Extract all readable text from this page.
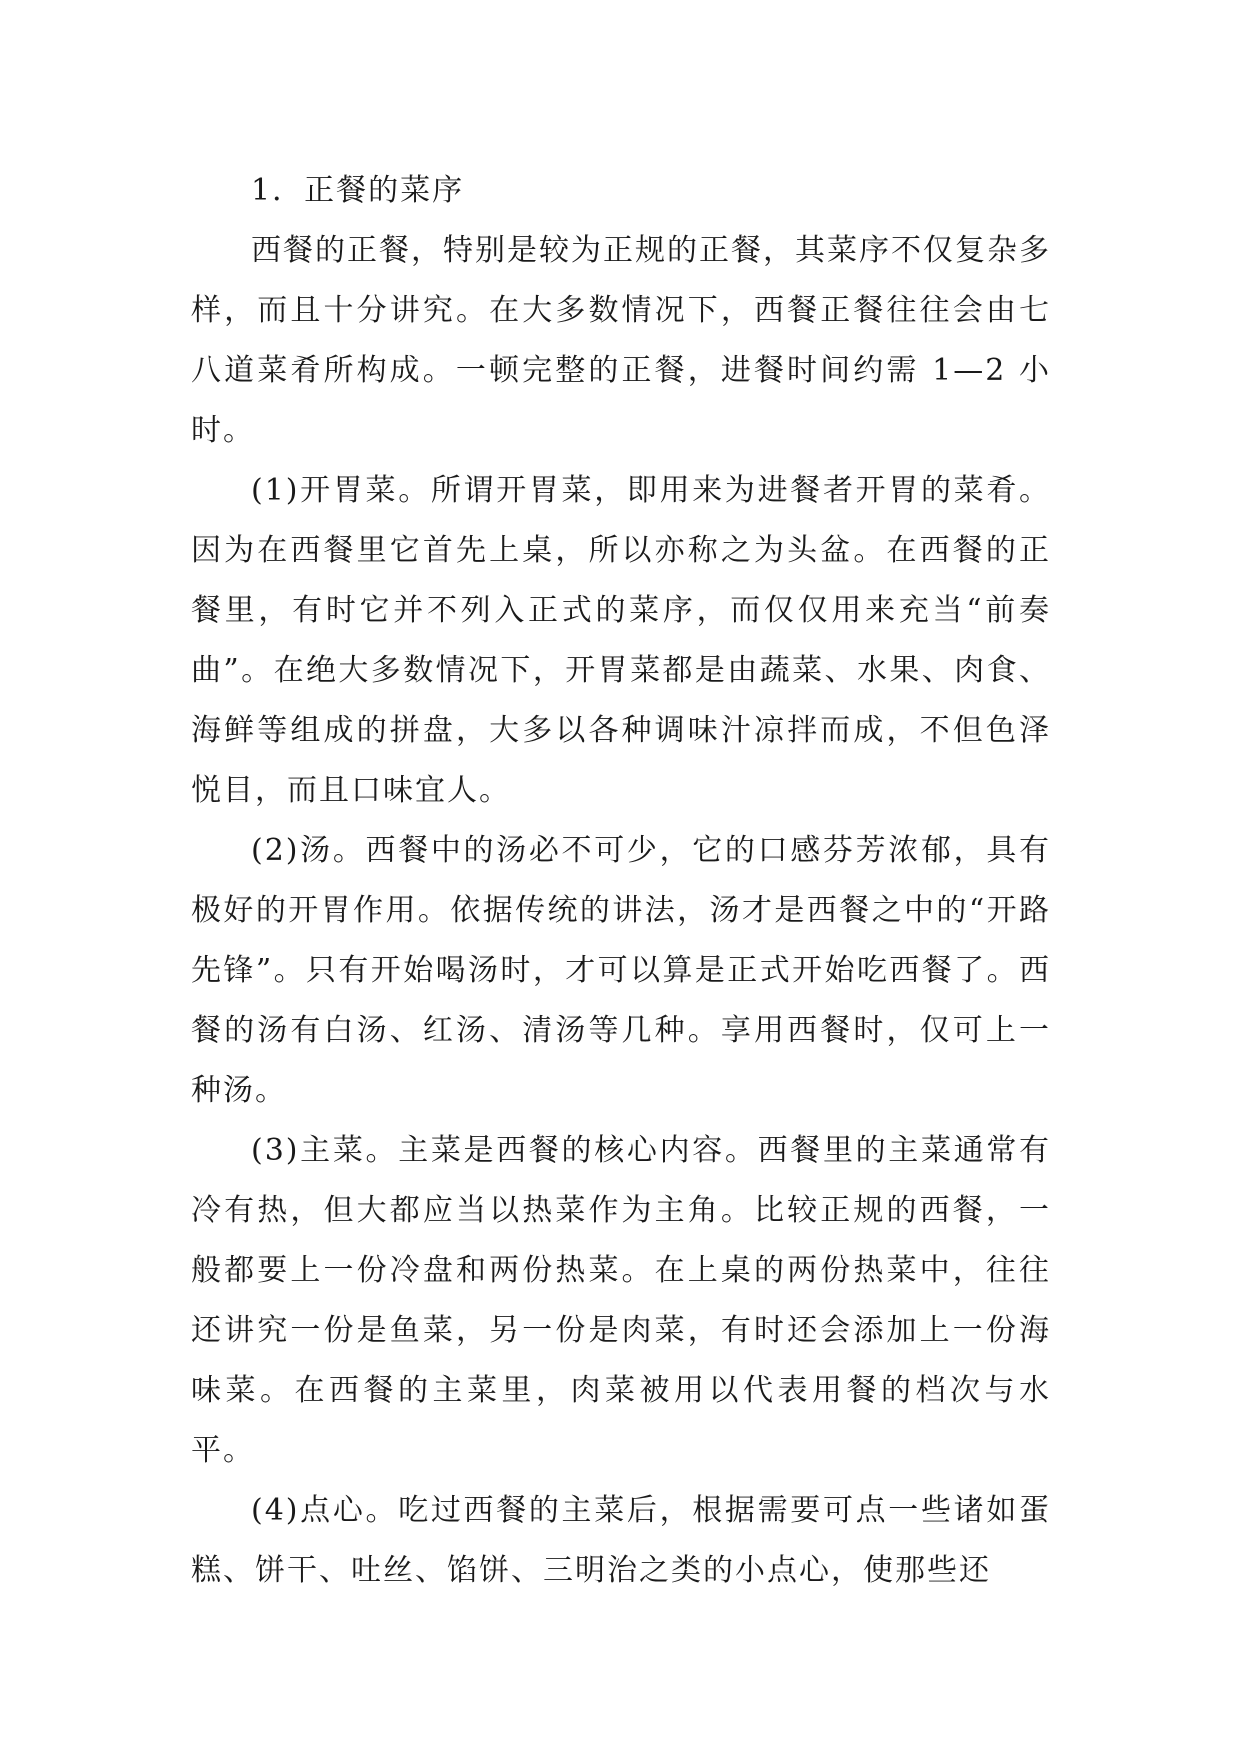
1．正餐的菜序

西餐的正餐，特别是较为正规的正餐，其菜序不仅复杂多样，而且十分讲究。在大多数情况下，西餐正餐往往会由七八道菜肴所构成。一顿完整的正餐，进餐时间约需 1—2 小时。

(1)开胃菜。所谓开胃菜，即用来为进餐者开胃的菜肴。因为在西餐里它首先上桌，所以亦称之为头盆。在西餐的正餐里，有时它并不列入正式的菜序，而仅仅用来充当“前奏曲”。在绝大多数情况下，开胃菜都是由蔬菜、水果、肉食、海鲜等组成的拼盘，大多以各种调味汁凉拌而成，不但色泽悦目，而且口味宜人。

(2)汤。西餐中的汤必不可少，它的口感芬芳浓郁，具有极好的开胃作用。依据传统的讲法，汤才是西餐之中的“开路先锋”。只有开始喝汤时，才可以算是正式开始吃西餐了。西餐的汤有白汤、红汤、清汤等几种。享用西餐时，仅可上一种汤。

(3)主菜。主菜是西餐的核心内容。西餐里的主菜通常有冷有热，但大都应当以热菜作为主角。比较正规的西餐，一般都要上一份冷盘和两份热菜。在上桌的两份热菜中，往往还讲究一份是鱼菜，另一份是肉菜，有时还会添加上一份海味菜。在西餐的主菜里，肉菜被用以代表用餐的档次与水平。

(4)点心。吃过西餐的主菜后，根据需要可点一些诸如蛋糕、饼干、吐丝、馅饼、三明治之类的小点心，使那些还
